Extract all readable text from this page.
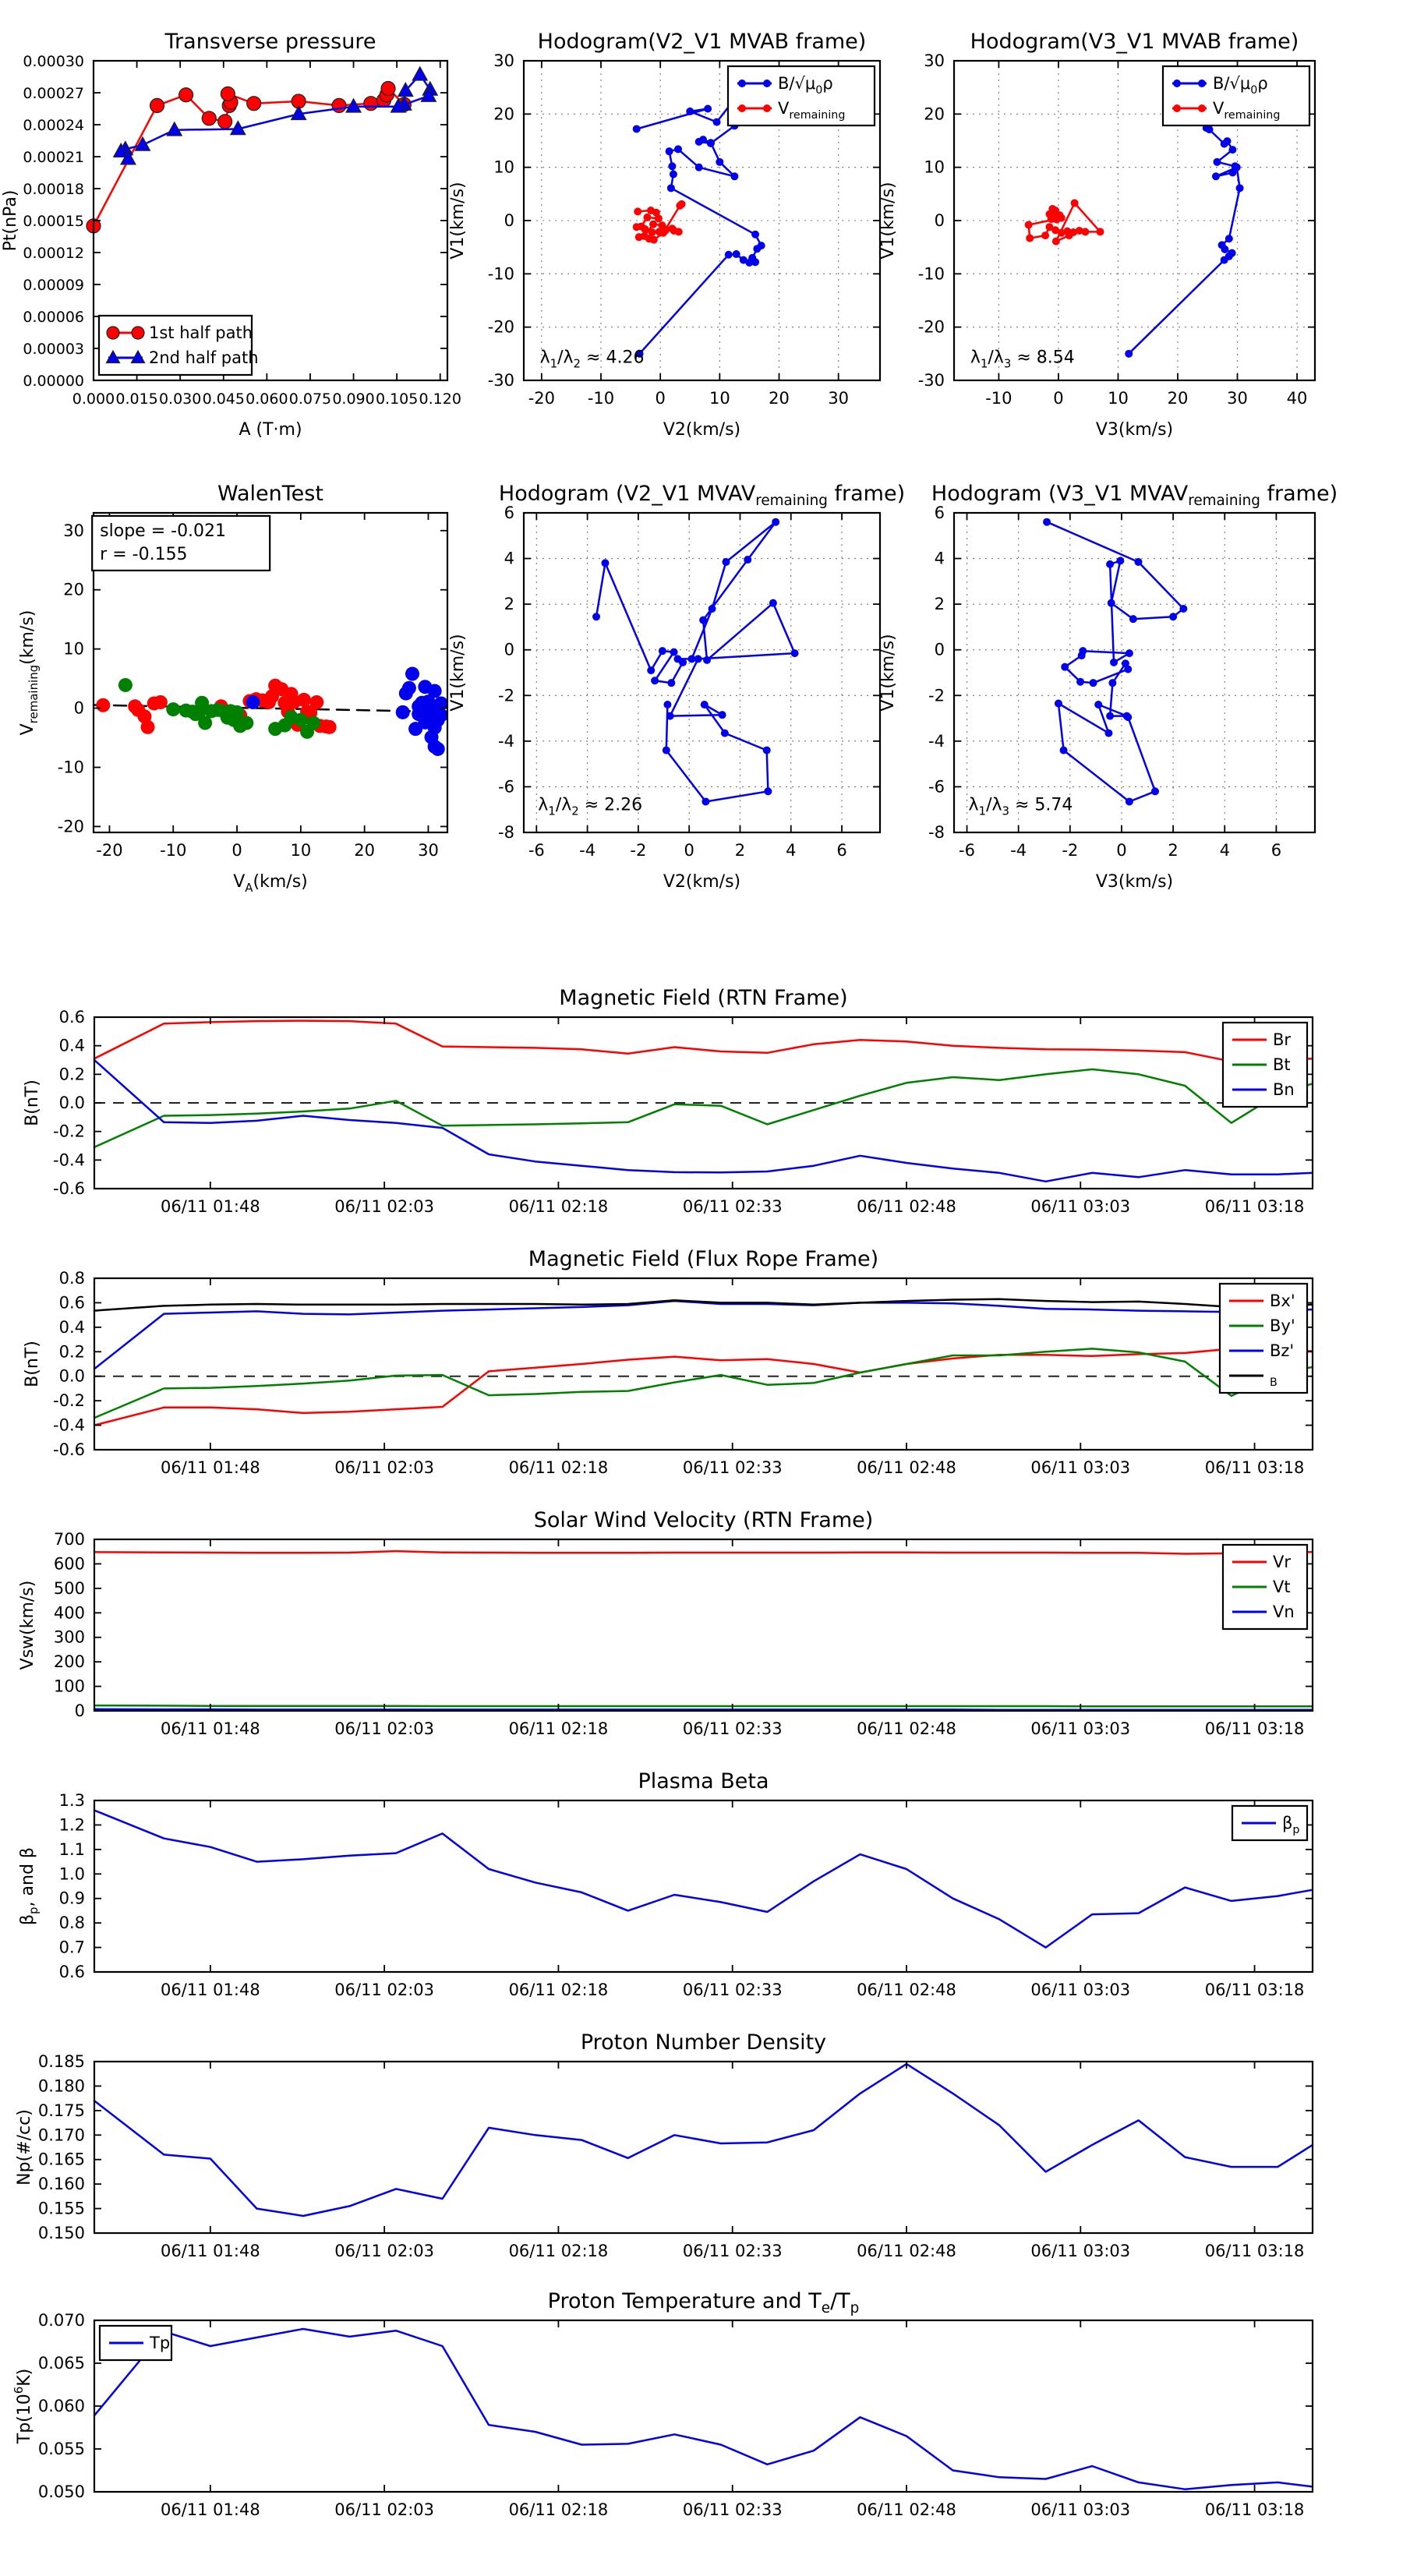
0.000 0.015 0.030 0.045 0.060 0.075 0.090 0.105 0.120
0.00000
0.00003
0.00006
0.00009
0.00012
0.00015
0.00018
0.00021
0.00024
0.00027
0.00030
Transverse pressure
A (T·m)
Pt(nPa)
1st half path
2nd half path
-20 -10 0	10 20 30
-30
-20
-10
0
10
20
30
Hodogram(V2_V1 MVAB frame)
V2(km/s)
V1(km/s)
$B/√\mu_0\rho$
$V_{remaining}$
$\lambda_1/\lambda_2 \approx 4.26$
-10	0	10 20 30 40
-30
-20
-10
0
10
20
30
Hodogram(V3_V1 MVAB frame)
V3(km/s)
V1(km/s)
$B/√\mu_0\rho$
$V_{remaining}$
$\lambda_1/\lambda_3 \approx 8.54$
-20 -10	0	10	20	30
-20
-10
0
10
20
30
WalenTest
$V_A(km/s)$
$V_{remaining}(km/s)$
slope = -0.021
r = -0.155
-6 -4 -2 0 2 4 6
-8
-6
-4
-2
0
2
4
6
Hodogram (V2_V1 $MVAV_{remaining}$ frame)
V2(km/s)
V1(km/s)
$\lambda_1/\lambda_2 \approx 2.26$
-6 -4 -2 0	2	4	6
-8
-6
-4
-2
0
2
4
6
Hodogram (V3_V1 $MVAV_{remaining}$ frame)
V3(km/s)
V1(km/s)
$\lambda_1/\lambda_3 \approx 5.74$
06/11 01:48	06/11 02:03	06/11 02:18	06/11 02:33	06/11 02:48	06/11 03:03	06/11 03:18
-0.6
-0.4
-0.2
0.0
0.2
0.4
0.6
Magnetic Field (RTN Frame)
B(nT)
Br
Bt
Bn
06/11 01:48	06/11 02:03	06/11 02:18	06/11 02:33	06/11 02:48	06/11 03:03	06/11 03:18
-0.6
-0.4
-0.2
0.0
0.2
0.4
0.6
0.8
Magnetic Field (Flux Rope Frame)
B(nT)
Bx'
By'
Bz'
$_B$
06/11 01:48	06/11 02:03	06/11 02:18	06/11 02:33	06/11 02:48	06/11 03:03	06/11 03:18
0
100
200
300
400
500
600
700
Solar Wind Velocity (RTN Frame)
Vsw(km/s)
Vr
Vt
Vn
06/11 01:48	06/11 02:03	06/11 02:18	06/11 02:33	06/11 02:48	06/11 03:03	06/11 03:18
0.6
0.7
0.8
0.9
1.0
1.1
1.2
1.3
Plasma Beta
$\beta_p$, and β
$\beta_p$
06/11 01:48	06/11 02:03	06/11 02:18	06/11 02:33	06/11 02:48	06/11 03:03	06/11 03:18
0.150
0.155
0.160
0.165
0.170
0.175
0.180
0.185
Proton Number Density
Np(#/cc)
06/11 01:48	06/11 02:03	06/11 02:18	06/11 02:33	06/11 02:48	06/11 03:03	06/11 03:18
0.050
0.055
0.060
0.065
0.070
Proton Temperature and $T_e/T_p$
$Tp(10^6K)$
Tp
